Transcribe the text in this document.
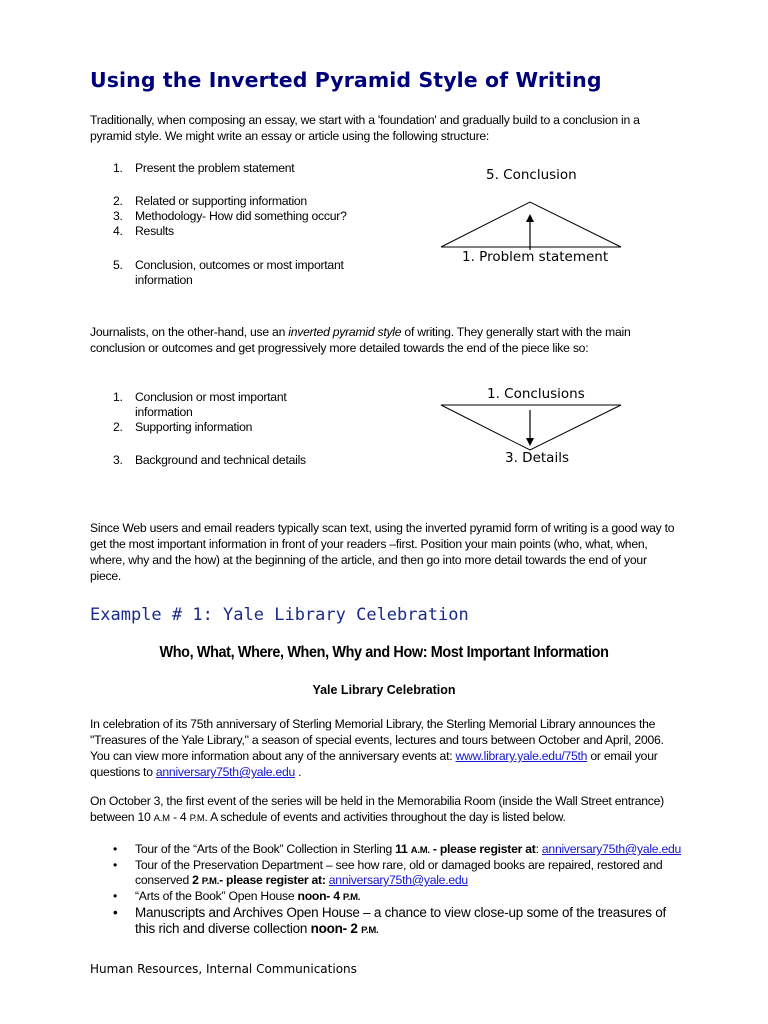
Using the Inverted Pyramid Style of Writing
Traditionally, when composing an essay, we start with a 'foundation' and gradually build to a conclusion in a pyramid style. We might write an essay or article using the following structure:
1. Present the problem statement
2. Related or supporting information
3. Methodology- How did something occur?
4. Results
5. Conclusion, outcomes or most important information
5. Conclusion
1. Problem statement
Journalists, on the other-hand, use an inverted pyramid style of writing. They generally start with the main conclusion or outcomes and get progressively more detailed towards the end of the piece like so:
1. Conclusion or most important information
2. Supporting information
3. Background and technical details
1. Conclusions
3. Details
Since Web users and email readers typically scan text, using the inverted pyramid form of writing is a good way to get the most important information in front of your readers –first. Position your main points (who, what, when, where, why and the how) at the beginning of the article, and then go into more detail towards the end of your piece.
Example # 1: Yale Library Celebration
Who, What, Where, When, Why and How: Most Important Information
Yale Library Celebration
In celebration of its 75th anniversary of Sterling Memorial Library, the Sterling Memorial Library announces the "Treasures of the Yale Library," a season of special events, lectures and tours between October and April, 2006. You can view more information about any of the anniversary events at: www.library.yale.edu/75th or email your questions to anniversary75th@yale.edu .
On October 3, the first event of the series will be held in the Memorabilia Room (inside the Wall Street entrance) between 10 A.M - 4 P.M. A schedule of events and activities throughout the day is listed below.
• Tour of the “Arts of the Book” Collection in Sterling 11 A.M. - please register at: anniversary75th@yale.edu
• Tour of the Preservation Department – see how rare, old or damaged books are repaired, restored and conserved 2 P.M.- please register at: anniversary75th@yale.edu
• “Arts of the Book” Open House noon- 4 P.M.
• Manuscripts and Archives Open House – a chance to view close-up some of the treasures of this rich and diverse collection noon- 2 P.M.
Human Resources, Internal Communications
